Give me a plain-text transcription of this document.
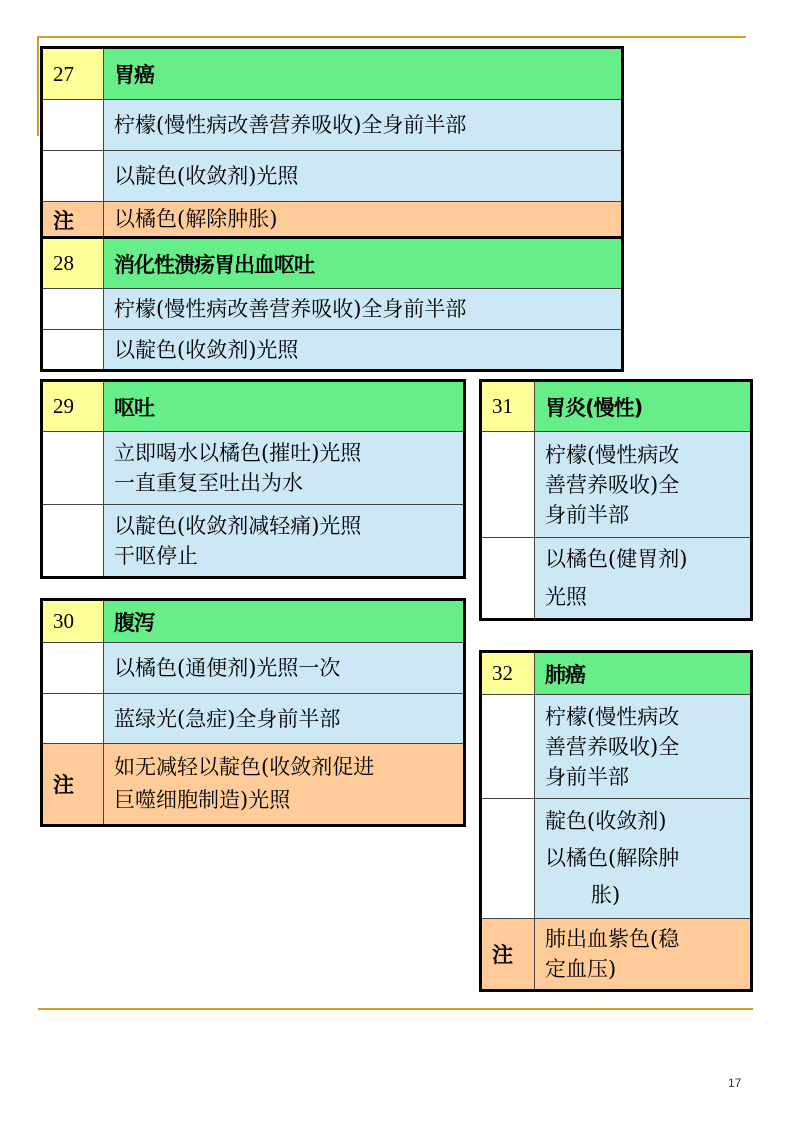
27	胃癌
	柠檬(慢性病改善营养吸收)全身前半部
	以靛色(收敛剂)光照
注	以橘色(解除肿胀)
28	消化性溃疡胃出血呕吐
	柠檬(慢性病改善营养吸收)全身前半部
	以靛色(收敛剂)光照
29	呕吐

	立即喝水以橘色(摧吐)光照
一直重复至吐出为水

	以靛色(收敛剂减轻痛)光照
干呕停止
30	腹泻
	以橘色(通便剂)光照一次
	蓝绿光(急症)全身前半部
注	如无减轻以靛色(收敛剂促进
巨噬细胞制造)光照
31	胃炎(慢性)

	柠檬(慢性病改
善营养吸收)全
身前半部

	以橘色(健胃剂)
光照
32	肺癌

	柠檬(慢性病改
善营养吸收)全
身前半部

	靛色(收敛剂)
以橘色(解除肿
胀)

注	肺出血紫色(稳
定血压)
17
